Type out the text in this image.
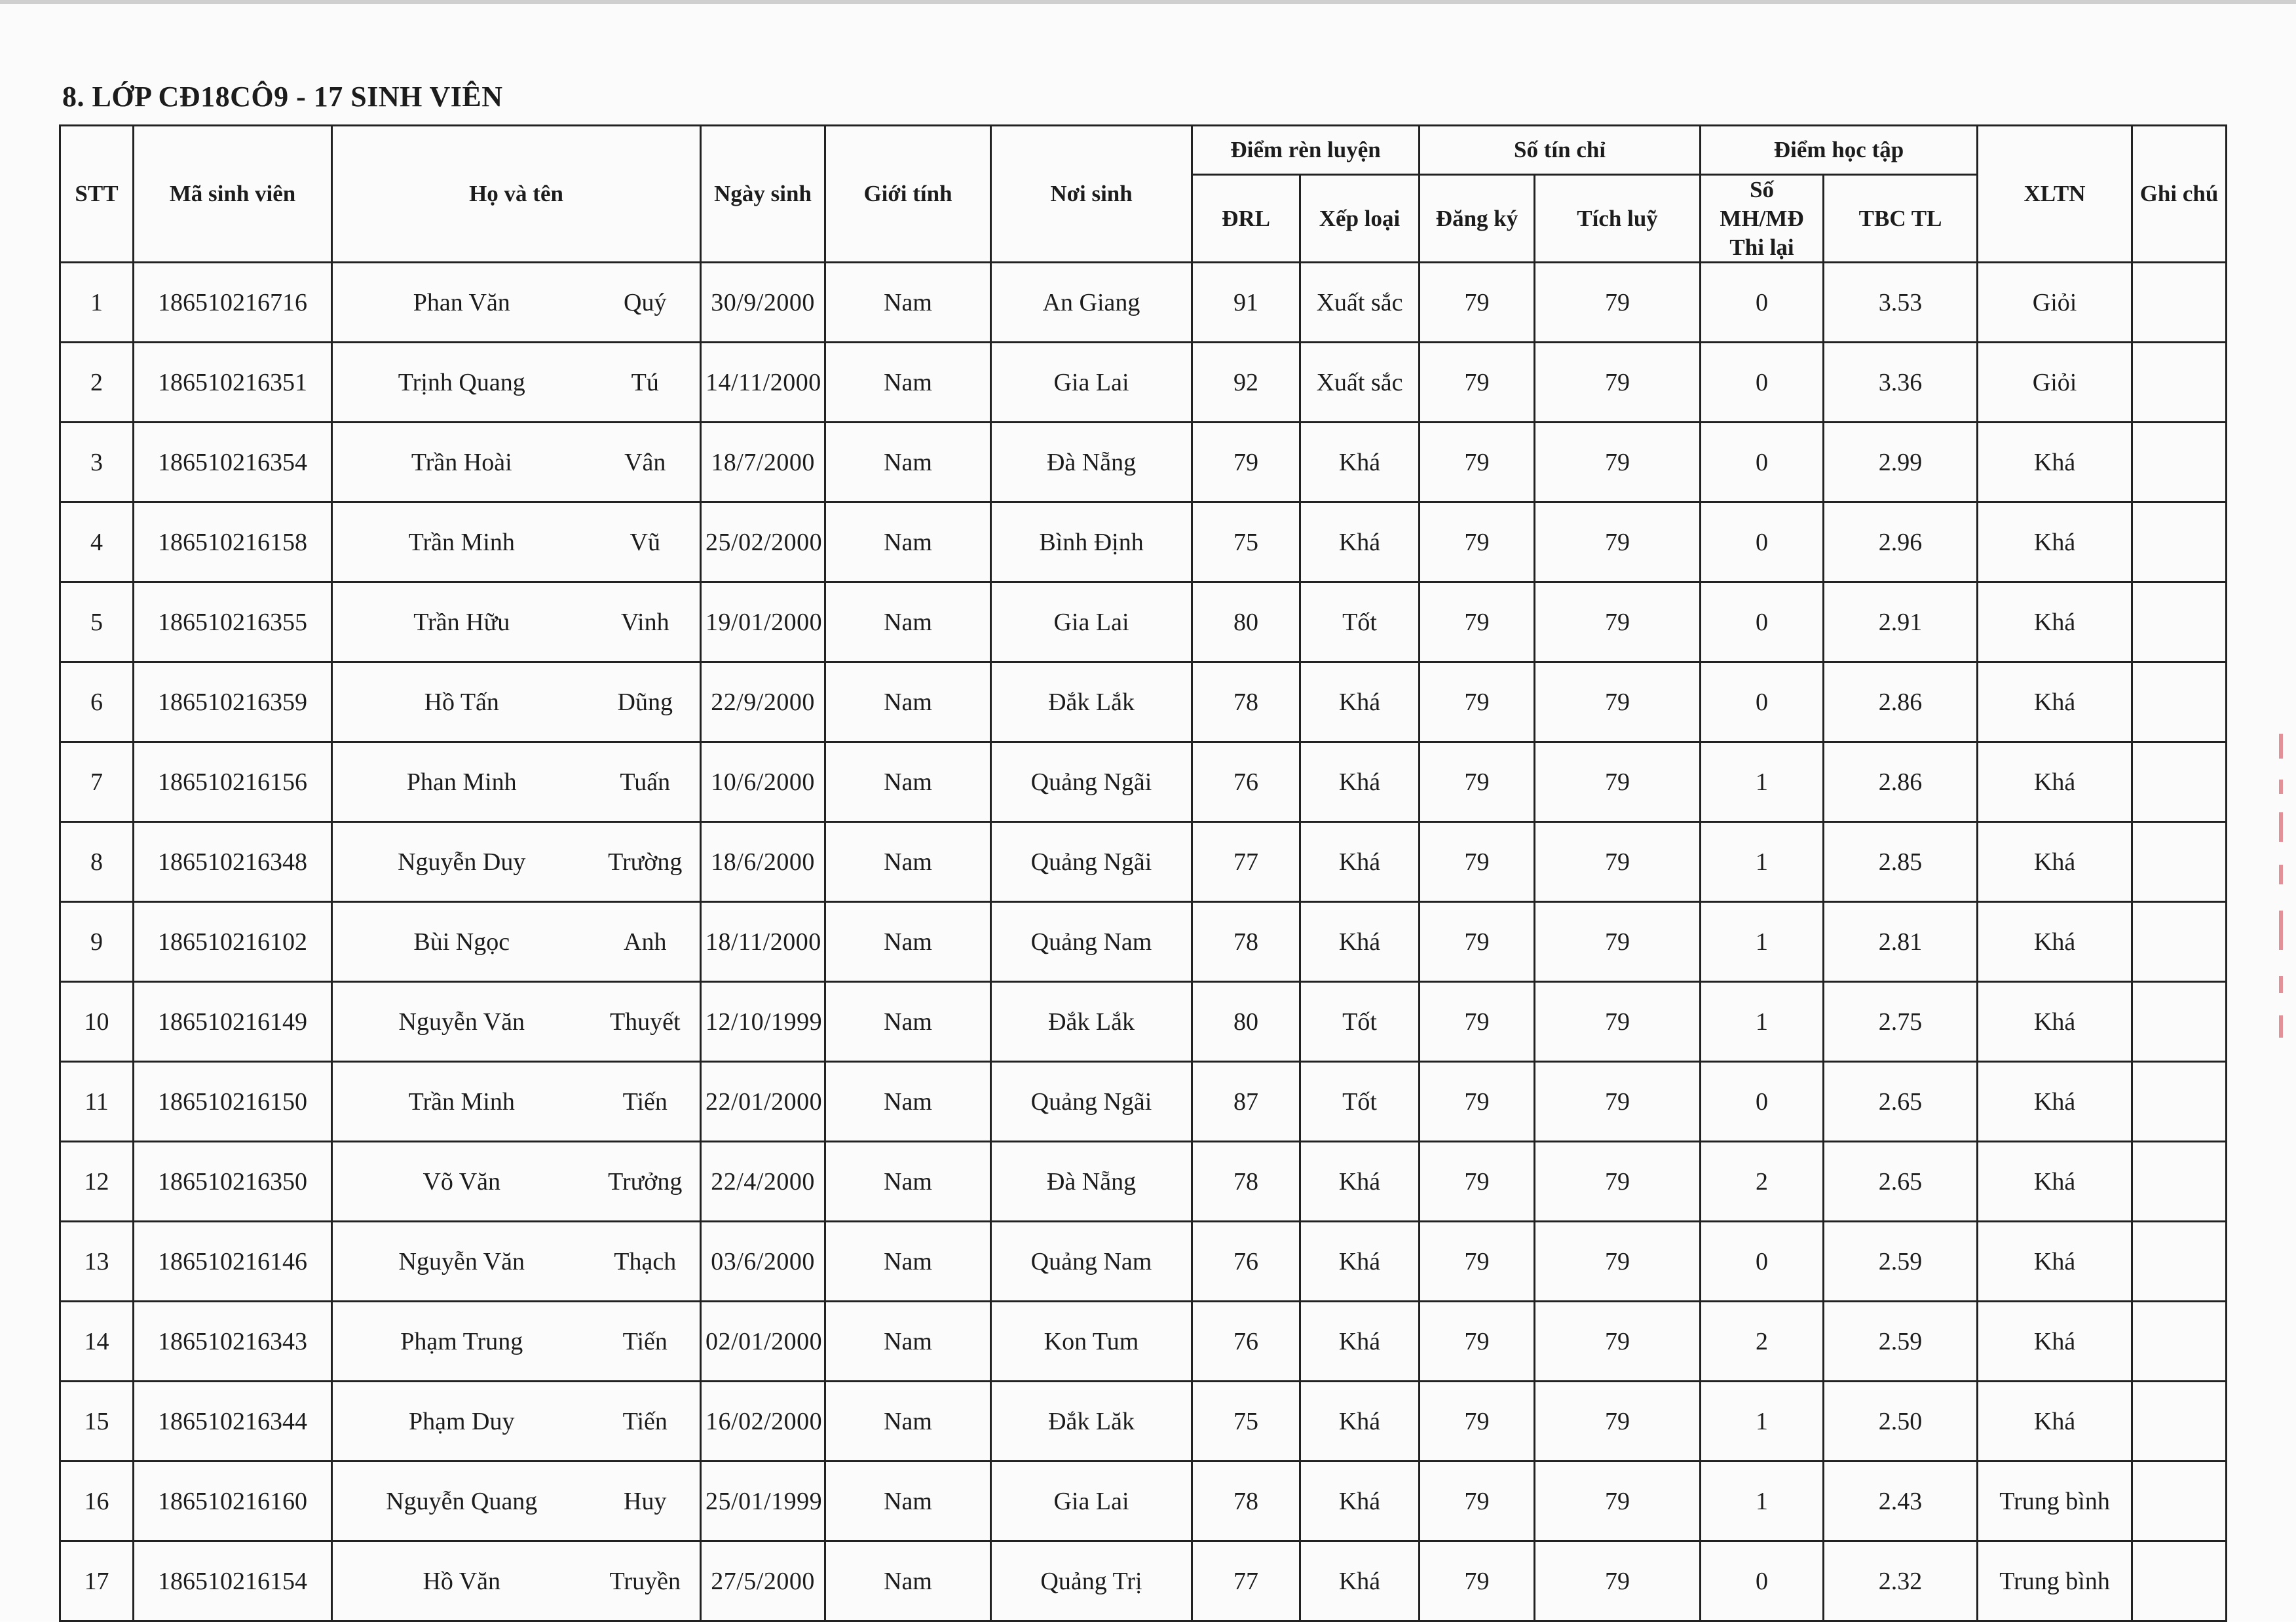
8. LỚP CĐ18CÔ9 - 17 SINH VIÊN
STT	Mã sinh viên	Họ và tên		Ngày sinh	Giới tính	Nơi sinh	Điểm rèn luyện		Số tín chỉ		Điểm học tập		XLTN	Ghi chú
							ĐRL	Xếp loại	Đăng ký	Tích luỹ	Số MH/MĐ Thi lại	TBC TL		
1	186510216716	Phan Văn	Quý	30/9/2000	Nam	An Giang	91	Xuất sắc	79	79	0	3.53	Giỏi	
2	186510216351	Trịnh Quang	Tú	14/11/2000	Nam	Gia Lai	92	Xuất sắc	79	79	0	3.36	Giỏi	
3	186510216354	Trần Hoài	Vân	18/7/2000	Nam	Đà Nẵng	79	Khá	79	79	0	2.99	Khá	
4	186510216158	Trần Minh	Vũ	25/02/2000	Nam	Bình Định	75	Khá	79	79	0	2.96	Khá	
5	186510216355	Trần Hữu	Vinh	19/01/2000	Nam	Gia Lai	80	Tốt	79	79	0	2.91	Khá	
6	186510216359	Hồ Tấn	Dũng	22/9/2000	Nam	Đắk Lắk	78	Khá	79	79	0	2.86	Khá	
7	186510216156	Phan Minh	Tuấn	10/6/2000	Nam	Quảng Ngãi	76	Khá	79	79	1	2.86	Khá	
8	186510216348	Nguyễn Duy	Trường	18/6/2000	Nam	Quảng Ngãi	77	Khá	79	79	1	2.85	Khá	
9	186510216102	Bùi Ngọc	Anh	18/11/2000	Nam	Quảng Nam	78	Khá	79	79	1	2.81	Khá	
10	186510216149	Nguyễn Văn	Thuyết	12/10/1999	Nam	Đắk Lắk	80	Tốt	79	79	1	2.75	Khá	
11	186510216150	Trần Minh	Tiến	22/01/2000	Nam	Quảng Ngãi	87	Tốt	79	79	0	2.65	Khá	
12	186510216350	Võ Văn	Trưởng	22/4/2000	Nam	Đà Nẵng	78	Khá	79	79	2	2.65	Khá	
13	186510216146	Nguyễn Văn	Thạch	03/6/2000	Nam	Quảng Nam	76	Khá	79	79	0	2.59	Khá	
14	186510216343	Phạm Trung	Tiến	02/01/2000	Nam	Kon Tum	76	Khá	79	79	2	2.59	Khá	
15	186510216344	Phạm Duy	Tiến	16/02/2000	Nam	Đắk Lăk	75	Khá	79	79	1	2.50	Khá	
16	186510216160	Nguyễn Quang	Huy	25/01/1999	Nam	Gia Lai	78	Khá	79	79	1	2.43	Trung bình	
17	186510216154	Hồ Văn	Truyền	27/5/2000	Nam	Quảng Trị	77	Khá	79	79	0	2.32	Trung bình	
